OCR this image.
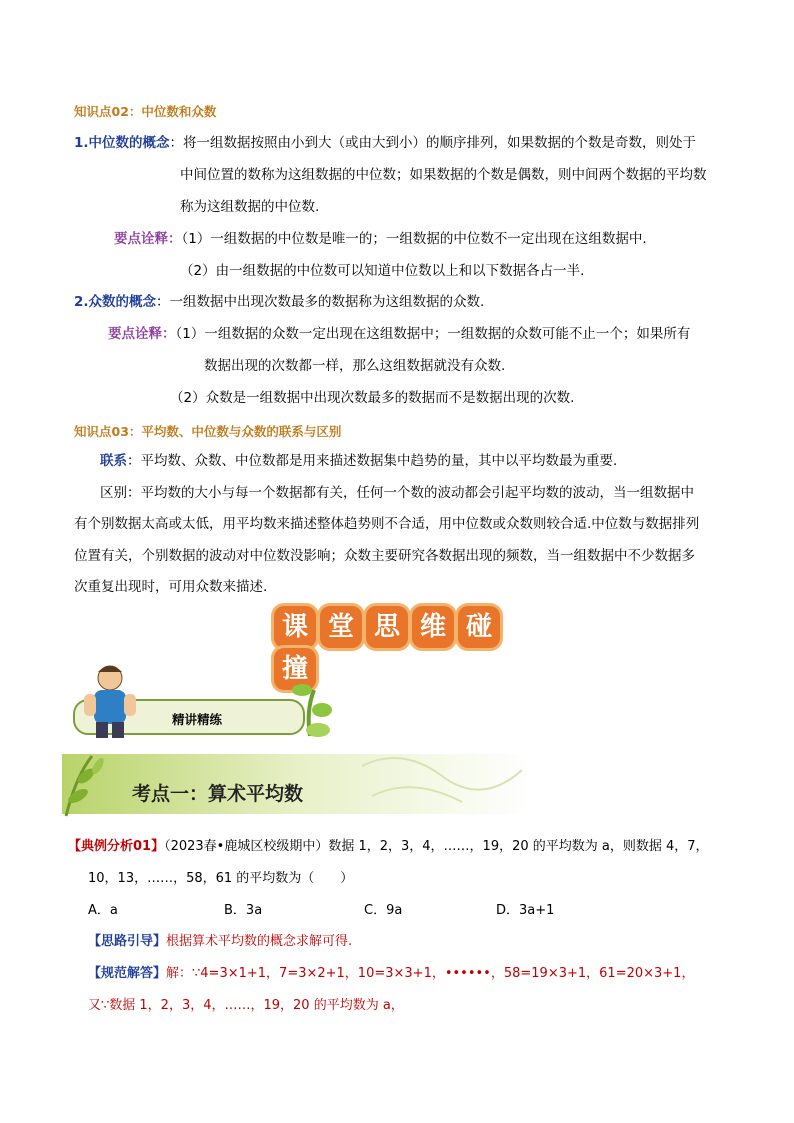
知识点02：中位数和众数
1.中位数的概念：将一组数据按照由小到大（或由大到小）的顺序排列，如果数据的个数是奇数，则处于
中间位置的数称为这组数据的中位数；如果数据的个数是偶数，则中间两个数据的平均数
称为这组数据的中位数.
要点诠释：（1）一组数据的中位数是唯一的；一组数据的中位数不一定出现在这组数据中.
（2）由一组数据的中位数可以知道中位数以上和以下数据各占一半.
2.众数的概念：一组数据中出现次数最多的数据称为这组数据的众数.
要点诠释：（1）一组数据的众数一定出现在这组数据中；一组数据的众数可能不止一个；如果所有
数据出现的次数都一样，那么这组数据就没有众数.
（2）众数是一组数据中出现次数最多的数据而不是数据出现的次数.
知识点03：平均数、中位数与众数的联系与区别
联系：平均数、众数、中位数都是用来描述数据集中趋势的量，其中以平均数最为重要.
区别：平均数的大小与每一个数据都有关，任何一个数的波动都会引起平均数的波动，当一组数据中
有个别数据太高或太低，用平均数来描述整体趋势则不合适，用中位数或众数则较合适.中位数与数据排列
位置有关，个别数据的波动对中位数没影响；众数主要研究各数据出现的频数，当一组数据中不少数据多
次重复出现时，可用众数来描述.
课 堂 思 维 碰撞
精讲精练
考点一：算术平均数
【典例分析01】（2023春•鹿城区校级期中）数据 1，2，3，4，……，19，20 的平均数为 a，则数据 4，7，
10，13，……，58，61 的平均数为（　　）
A．a	B．3a	C．9a	D．3a+1
【思路引导】根据算术平均数的概念求解可得.
【规范解答】解：∵4=3×1+1，7=3×2+1，10=3×3+1，••••••，58=19×3+1，61=20×3+1，
又∵数据 1，2，3，4，……，19，20 的平均数为 a，
